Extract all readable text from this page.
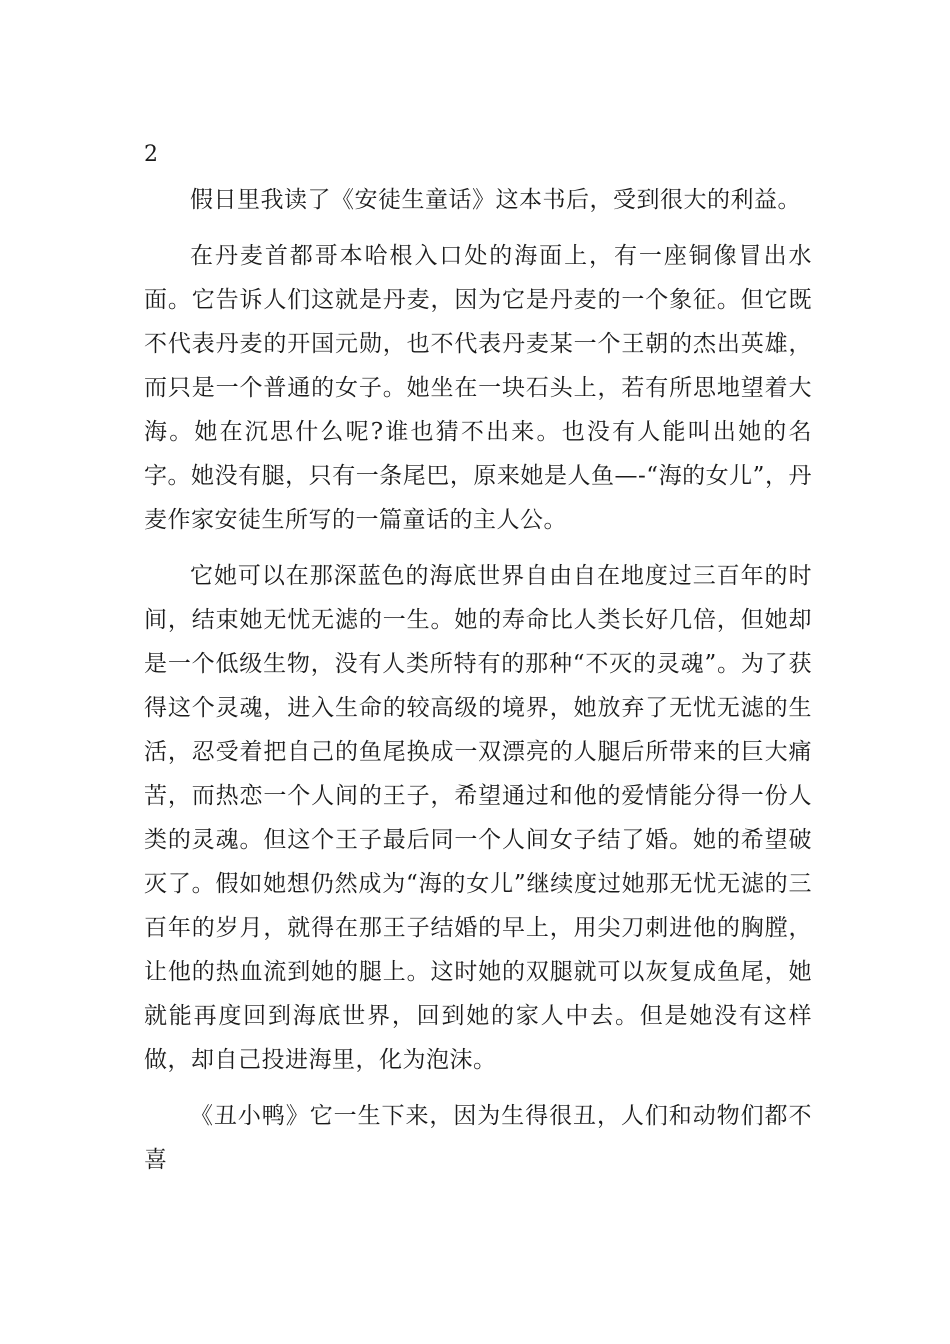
2

假日里我读了《安徒生童话》这本书后，受到很大的利益。

在丹麦首都哥本哈根入口处的海面上，有一座铜像冒出水面。它告诉人们这就是丹麦，因为它是丹麦的一个象征。但它既不代表丹麦的开国元勋，也不代表丹麦某一个王朝的杰出英雄，而只是一个普通的女子。她坐在一块石头上，若有所思地望着大海。她在沉思什么呢?谁也猜不出来。也没有人能叫出她的名字。她没有腿，只有一条尾巴，原来她是人鱼—-“海的女儿”，丹麦作家安徒生所写的一篇童话的主人公。

它她可以在那深蓝色的海底世界自由自在地度过三百年的时间，结束她无忧无滤的一生。她的寿命比人类长好几倍，但她却是一个低级生物，没有人类所特有的那种“不灭的灵魂”。为了获得这个灵魂，进入生命的较高级的境界，她放弃了无忧无滤的生活，忍受着把自己的鱼尾换成一双漂亮的人腿后所带来的巨大痛苦，而热恋一个人间的王子，希望通过和他的爱情能分得一份人类的灵魂。但这个王子最后同一个人间女子结了婚。她的希望破灭了。假如她想仍然成为“海的女儿”继续度过她那无忧无滤的三百年的岁月，就得在那王子结婚的早上，用尖刀刺进他的胸膛，让他的热血流到她的腿上。这时她的双腿就可以灰复成鱼尾，她就能再度回到海底世界，回到她的家人中去。但是她没有这样做，却自己投进海里，化为泡沫。

《丑小鸭》它一生下来，因为生得很丑，人们和动物们都不喜
